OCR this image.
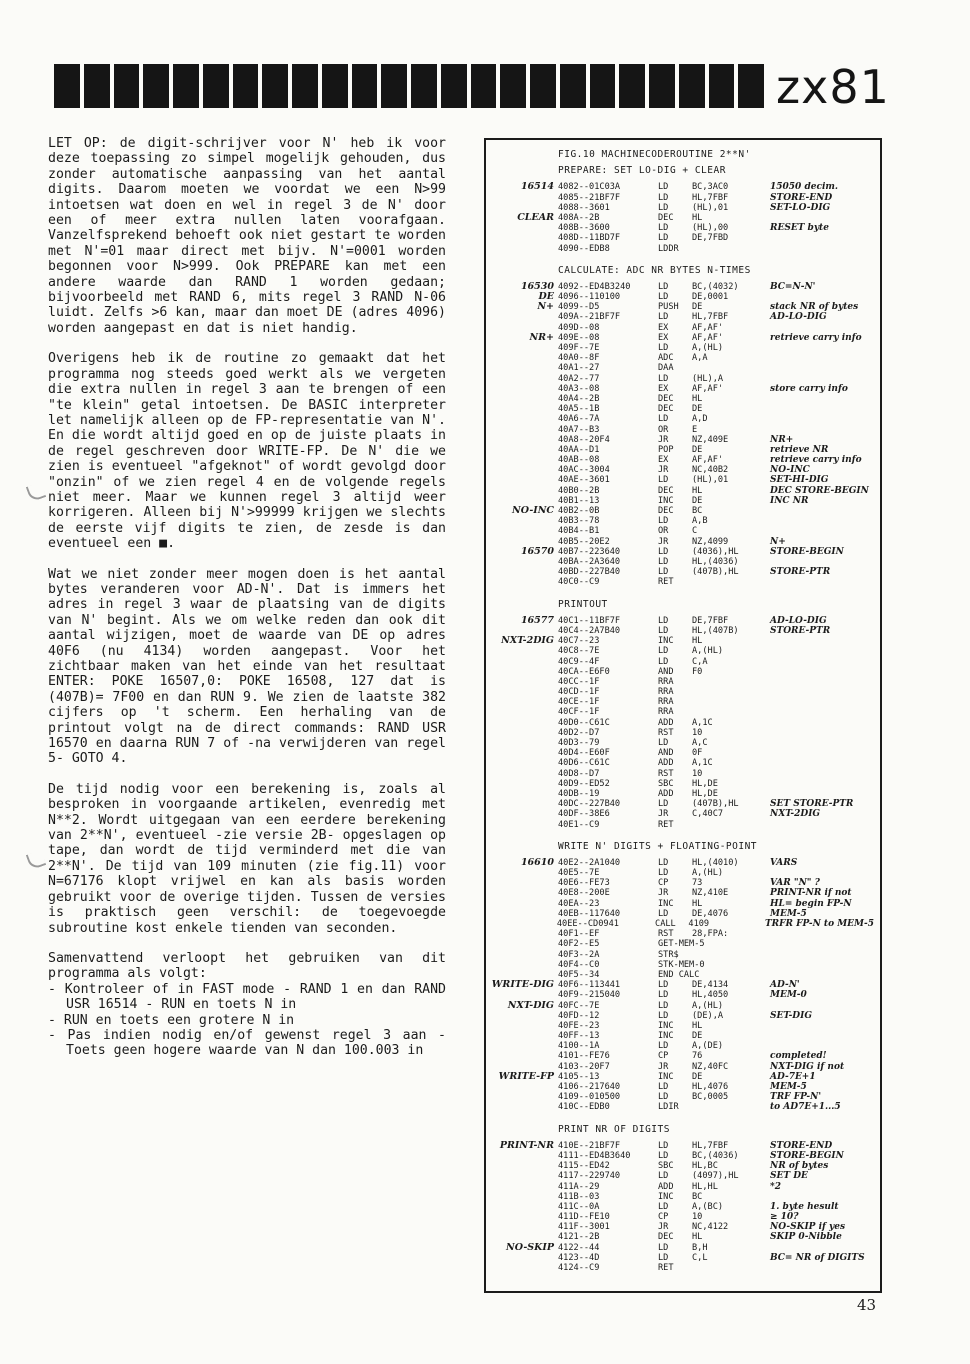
zx81

LET OP: de digit-schrijver voor N' heb ik voor deze toepassing zo simpel mogelijk gehouden, dus zonder automatische aanpassing van het aantal digits. Daarom moeten we voordat we een N>99 intoetsen wat doen en wel in regel 3 de N' door een of meer extra nullen laten voorafgaan. Vanzelfsprekend behoeft ook niet gestart te worden met N'=01 maar direct met bijv. N'=0001 worden begonnen voor N>999. Ook PREPARE kan met een andere waarde dan RAND 1 worden gedaan; bijvoorbeeld met RAND 6, mits regel 3 RAND N-06 luidt. Zelfs >6 kan, maar dan moet DE (adres 4096) worden aangepast en dat is niet handig.

Overigens heb ik de routine zo gemaakt dat het programma nog steeds goed werkt als we vergeten die extra nullen in regel 3 aan te brengen of een "te klein" getal intoetsen. De BASIC interpreter let namelijk alleen op de FP-representatie van N'. En die wordt altijd goed en op de juiste plaats in de regel geschreven door WRITE-FP. De N' die we zien is eventueel "afgeknot" of wordt gevolgd door "onzin" of we zien regel 4 en de volgende regels niet meer. Maar we kunnen regel 3 altijd weer korrigeren. Alleen bij N'>99999 krijgen we slechts de eerste vijf digits te zien, de zesde is dan eventueel een ■.

Wat we niet zonder meer mogen doen is het aantal bytes veranderen voor AD-N'. Dat is immers het adres in regel 3 waar de plaatsing van de digits van N' begint. Als we om welke reden dan ook dit aantal wijzigen, moet de waarde van DE op adres 40F6 (nu 4134) worden aangepast. Voor het zichtbaar maken van het einde van het resultaat ENTER: POKE 16507,0: POKE 16508, 127 dat is (407B)= 7F00 en dan RUN 9. We zien de laatste 382 cijfers op 't scherm. Een herhaling van de printout volgt na de direct commands: RAND USR 16570 en daarna RUN 7 of -na verwijderen van regel 5- GOTO 4.

De tijd nodig voor een berekening is, zoals al besproken in voorgaande artikelen, evenredig met N**2. Wordt uitgegaan van een eerdere berekening van 2**N', eventueel -zie versie 2B- opgeslagen op tape, dan wordt de tijd verminderd met die van 2**N'. De tijd van 109 minuten (zie fig.11) voor N=67176 klopt vrijwel en kan als basis worden gebruikt voor de overige tijden. Tussen de versies is praktisch geen verschil: de toegevoegde subroutine kost enkele tienden van seconden.

Samenvattend verloopt het gebruiken van dit programma als volgt:

- Kontroleer of in FAST mode - RAND 1 en dan RAND USR 16514 - RUN en toets N in
- RUN en toets een grotere N in
- Pas indien nodig en/of gewenst regel 3 aan - Toets geen hogere waarde van N dan 100.003 in
FIG.10 MACHINECODEROUTINE 2**N'
PREPARE: SET LO-DIG + CLEAR
16514 4082--01C03A	LD	BC,3AC0	15050 decim.
4085--21BF7F	LD	HL,7FBF	STORE-END
4088--3601	LD	(HL),01	SET-LO-DIG
CLEAR 408A--2B	DEC	HL
408B--3600	LD	(HL),00	RESET byte
408D--11BD7F	LD	DE,7FBD
4090--EDB8	LDDR
CALCULATE: ADC NR BYTES N-TIMES
16530 4092--ED4B3240	LD	BC,(4032)	BC=N-N'
DE 4096--110100	LD	DE,0001
N+ 4099--D5	PUSH	DE	stack NR of bytes
409A--21BF7F	LD	HL,7FBF	AD-LO-DIG
409D--08	EX	AF,AF'
NR+ 409E--08	EX	AF,AF'	retrieve carry info
409F--7E	LD	A,(HL)
40A0--8F	ADC	A,A
40A1--27	DAA
40A2--77	LD	(HL),A
40A3--08	EX	AF,AF'	store carry info
40A4--2B	DEC	HL
40A5--1B	DEC	DE
40A6--7A	LD	A,D
40A7--B3	OR	E
40A8--20F4	JR	NZ,409E	NR+
40AA--D1	POP	DE	retrieve NR
40AB--08	EX	AF,AF'	retrieve carry info
40AC--3004	JR	NC,40B2	NO-INC
40AE--3601	LD	(HL),01	SET-HI-DIG
40B0--2B	DEC	HL	DEC STORE-BEGIN
40B1--13	INC	DE	INC NR
NO-INC 40B2--0B	DEC	BC
40B3--78	LD	A,B
40B4--B1	OR	C
40B5--20E2	JR	NZ,4099	N+
16570 40B7--223640	LD	(4036),HL	STORE-BEGIN
40BA--2A3640	LD	HL,(4036)
40BD--227B40	LD	(407B),HL	STORE-PTR
40C0--C9	RET
PRINTOUT
16577 40C1--11BF7F	LD	DE,7FBF	AD-LO-DIG
40C4--2A7B40	LD	HL,(407B)	STORE-PTR
NXT-2DIG 40C7--23	INC	HL
40C8--7E	LD	A,(HL)
40C9--4F	LD	C,A
40CA--E6F0	AND	F0
40CC--1F	RRA
40CD--1F	RRA
40CE--1F	RRA
40CF--1F	RRA
40D0--C61C	ADD	A,1C
40D2--D7	RST	10
40D3--79	LD	A,C
40D4--E60F	AND	0F
40D6--C61C	ADD	A,1C
40D8--D7	RST	10
40D9--ED52	SBC	HL,DE
40DB--19	ADD	HL,DE
40DC--227B40	LD	(407B),HL	SET STORE-PTR
40DF--38E6	JR	C,40C7	NXT-2DIG
40E1--C9	RET
WRITE N' DIGITS + FLOATING-POINT
16610 40E2--2A1040	LD	HL,(4010)	VARS
40E5--7E	LD	A,(HL)
40E6--FE73	CP	73	VAR "N" ?
40E8--200E	JR	NZ,410E	PRINT-NR if not
40EA--23	INC	HL	HL= begin FP-N
40EB--117640	LD	DE,4076	MEM-5
40EE--CD0941	CALL	4109	TRFR FP-N to MEM-5
40F1--EF	RST	28,FPA:
40F2--E5	GET-MEM-5
40F3--2A	STR$
40F4--C0	STK-MEM-0
40F5--34	END CALC
WRITE-DIG 40F6--113441	LD	DE,4134	AD-N'
40F9--215040	LD	HL,4050	MEM-0
NXT-DIG 40FC--7E	LD	A,(HL)
40FD--12	LD	(DE),A	SET-DIG
40FE--23	INC	HL
40FF--13	INC	DE
4100--1A	LD	A,(DE)
4101--FE76	CP	76	completed!
4103--20F7	JR	NZ,40FC	NXT-DIG if not
WRITE-FP 4105--13	INC	DE	AD-7E+1
4106--217640	LD	HL,4076	MEM-5
4109--010500	LD	BC,0005	TRF FP-N'
410C--EDB0	LDIR	to AD7E+1...5
PRINT NR OF DIGITS
PRINT-NR 410E--21BF7F	LD	HL,7FBF	STORE-END
4111--ED4B3640	LD	BC,(4036)	STORE-BEGIN
4115--ED42	SBC	HL,BC	NR of bytes
4117--229740	LD	(4097),HL	SET DE
411A--29	ADD	HL,HL	*2
411B--03	INC	BC
411C--0A	LD	A,(BC)	1. byte hesult
411D--FE10	CP	10	≥ 10?
411F--3001	JR	NC,4122	NO-SKIP if yes
4121--2B	DEC	HL	SKIP 0-Nibble
NO-SKIP 4122--44	LD	B,H
4123--4D	LD	C,L	BC= NR of DIGITS
4124--C9	RET
43
